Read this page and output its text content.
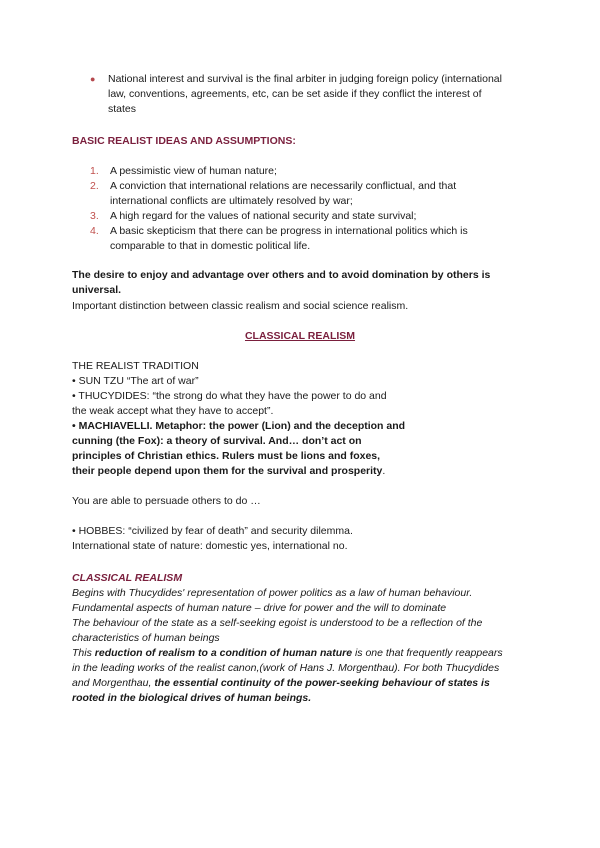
●	National interest and survival is the final arbiter in judging foreign policy (international
law, conventions, agreements, etc, can be set aside if they conflict the interest of
states
BASIC REALIST IDEAS AND ASSUMPTIONS:
1.	A pessimistic view of human nature;
2.	A conviction that international relations are necessarily conflictual, and that
international conflicts are ultimately resolved by war;
3.	A high regard for the values of national security and state survival;
4.	A basic skepticism that there can be progress in international politics which is
comparable to that in domestic political life.
The desire to enjoy and advantage over others and to avoid domination by others is
universal.
Important distinction between classic realism and social science realism.
CLASSICAL REALISM
THE REALIST TRADITION
• SUN TZU “The art of war”
• THUCYDIDES: “the strong do what they have the power to do and
the weak accept what they have to accept”.
• MACHIAVELLI. Metaphor: the power (Lion) and the deception and
cunning (the Fox): a theory of survival. And… don’t act on
principles of Christian ethics. Rulers must be lions and foxes,
their people depend upon them for the survival and prosperity.
You are able to persuade others to do …
• HOBBES: “civilized by fear of death” and security dilemma.
International state of nature: domestic yes, international no.
CLASSICAL REALISM
Begins with Thucydides' representation of power politics as a law of human behaviour.
Fundamental aspects of human nature – drive for power and the will to dominate
The behaviour of the state as a self-seeking egoist is understood to be a reflection of the
characteristics of human beings
This reduction of realism to a condition of human nature is one that frequently reappears
in the leading works of the realist canon,(work of Hans J. Morgenthau). For both Thucydides
and Morgenthau, the essential continuity of the power-seeking behaviour of states is
rooted in the biological drives of human beings.
